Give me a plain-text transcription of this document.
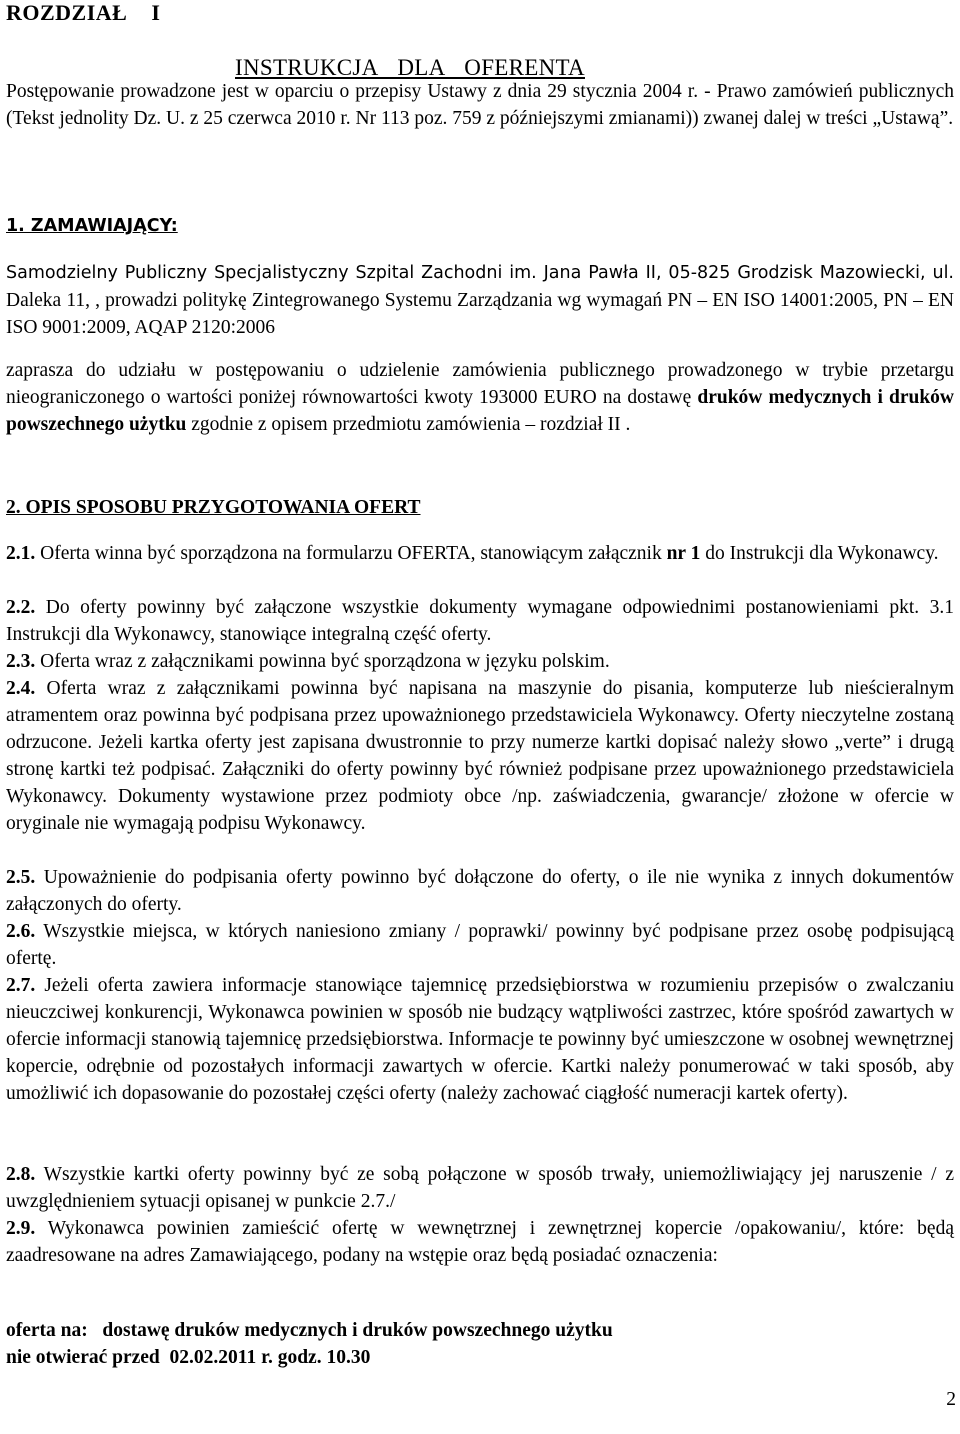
ROZDZIAŁ I
INSTRUKCJA DLA OFERENTA
Postępowanie prowadzone jest w oparciu o przepisy Ustawy z dnia 29 stycznia 2004 r. - Prawo zamówień publicznych (Tekst jednolity Dz. U. z 25 czerwca 2010 r. Nr 113 poz. 759 z późniejszymi zmianami)) zwanej dalej w treści „Ustawą”.
1. ZAMAWIAJĄCY:
Samodzielny Publiczny Specjalistyczny Szpital Zachodni im. Jana Pawła II, 05-825 Grodzisk Mazowiecki, ul. Daleka 11, , prowadzi politykę Zintegrowanego Systemu Zarządzania wg wymagań PN – EN ISO 14001:2005, PN – EN ISO 9001:2009, AQAP 2120:2006
zaprasza do udziału w postępowaniu o udzielenie zamówienia publicznego prowadzonego w trybie przetargu nieograniczonego o wartości poniżej równowartości kwoty 193000 EURO na dostawę druków medycznych i druków powszechnego użytku zgodnie z opisem przedmiotu zamówienia – rozdział II .
2. OPIS SPOSOBU PRZYGOTOWANIA OFERT
2.1. Oferta winna być sporządzona na formularzu OFERTA, stanowiącym załącznik nr 1 do Instrukcji dla Wykonawcy.
2.2. Do oferty powinny być załączone wszystkie dokumenty wymagane odpowiednimi postanowieniami pkt. 3.1 Instrukcji dla Wykonawcy, stanowiące integralną część oferty.
2.3. Oferta wraz z załącznikami powinna być sporządzona w języku polskim.
2.4. Oferta wraz z załącznikami powinna być napisana na maszynie do pisania, komputerze lub nieścieralnym atramentem oraz powinna być podpisana przez upoważnionego przedstawiciela Wykonawcy. Oferty nieczytelne zostaną odrzucone. Jeżeli kartka oferty jest zapisana dwustronnie to przy numerze kartki dopisać należy słowo „verte” i drugą stronę kartki też podpisać. Załączniki do oferty powinny być również podpisane przez upoważnionego przedstawiciela Wykonawcy. Dokumenty wystawione przez podmioty obce /np. zaświadczenia, gwarancje/ złożone w ofercie w oryginale nie wymagają podpisu Wykonawcy.
2.5. Upoważnienie do podpisania oferty powinno być dołączone do oferty, o ile nie wynika z innych dokumentów załączonych do oferty.
2.6. Wszystkie miejsca, w których naniesiono zmiany / poprawki/ powinny być podpisane przez osobę podpisującą ofertę.
2.7. Jeżeli oferta zawiera informacje stanowiące tajemnicę przedsiębiorstwa w rozumieniu przepisów o zwalczaniu nieuczciwej konkurencji, Wykonawca powinien w sposób nie budzący wątpliwości zastrzec, które spośród zawartych w ofercie informacji stanowią tajemnicę przedsiębiorstwa. Informacje te powinny być umieszczone w osobnej wewnętrznej kopercie, odrębnie od pozostałych informacji zawartych w ofercie. Kartki należy ponumerować w taki sposób, aby umożliwić ich dopasowanie do pozostałej części oferty (należy zachować ciągłość numeracji kartek oferty).
2.8. Wszystkie kartki oferty powinny być ze sobą połączone w sposób trwały, uniemożliwiający jej naruszenie / z uwzględnieniem sytuacji opisanej w punkcie 2.7./
2.9. Wykonawca powinien zamieścić ofertę w wewnętrznej i zewnętrznej kopercie /opakowaniu/, które: będą zaadresowane na adres Zamawiającego, podany na wstępie oraz będą posiadać oznaczenia:
oferta na:   dostawę druków medycznych i druków powszechnego użytku
nie otwierać przed  02.02.2011 r. godz. 10.30
2
